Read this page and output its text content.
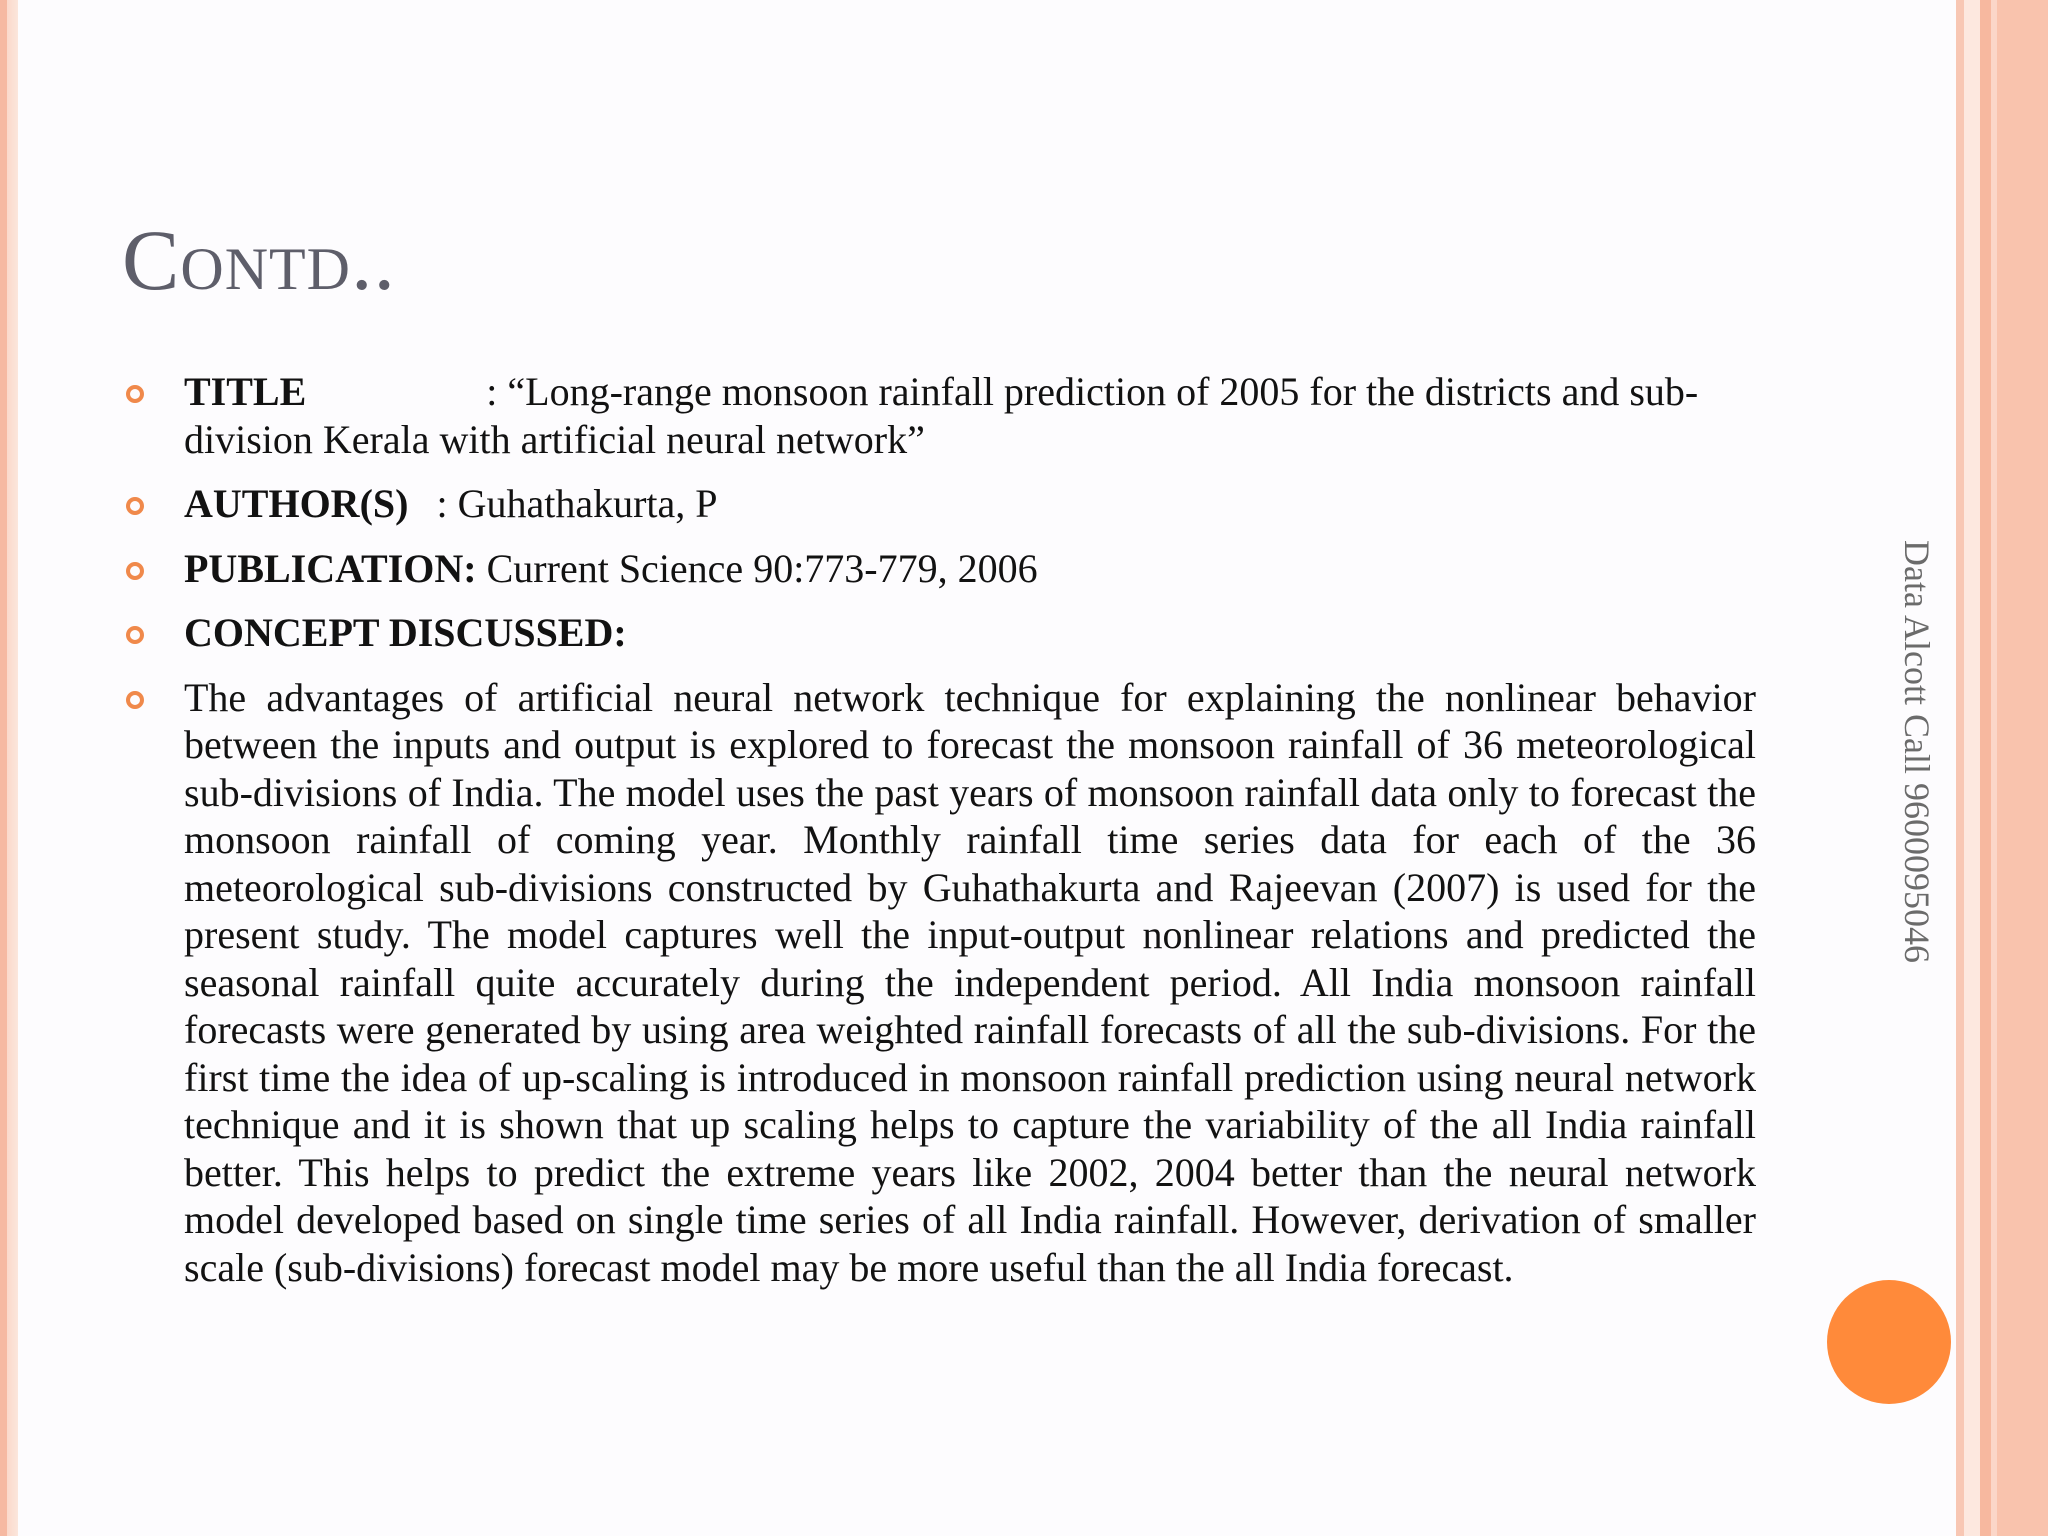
Contd..
TITLE	: “Long-range monsoon rainfall prediction of 2005 for the districts and sub-division Kerala with artificial neural network”
AUTHOR(S) : Guhathakurta, P
PUBLICATION: Current Science 90:773-779, 2006
CONCEPT DISCUSSED:
The advantages of artificial neural network technique for explaining the nonlinear behavior between the inputs and output is explored to forecast the monsoon rainfall of 36 meteorological sub-divisions of India. The model uses the past years of monsoon rainfall data only to forecast the monsoon rainfall of coming year. Monthly rainfall time series data for each of the 36 meteorological sub-divisions constructed by Guhathakurta and Rajeevan (2007) is used for the present study. The model captures well the input-output nonlinear relations and predicted the seasonal rainfall quite accurately during the independent period. All India monsoon rainfall forecasts were generated by using area weighted rainfall forecasts of all the sub-divisions. For the first time the idea of up-scaling is introduced in monsoon rainfall prediction using neural network technique and it is shown that up scaling helps to capture the variability of the all India rainfall better. This helps to predict the extreme years like 2002, 2004 better than the neural network model developed based on single time series of all India rainfall. However, derivation of smaller scale (sub-divisions) forecast model may be more useful than the all India forecast.
Data Alcott Call 9600095046
